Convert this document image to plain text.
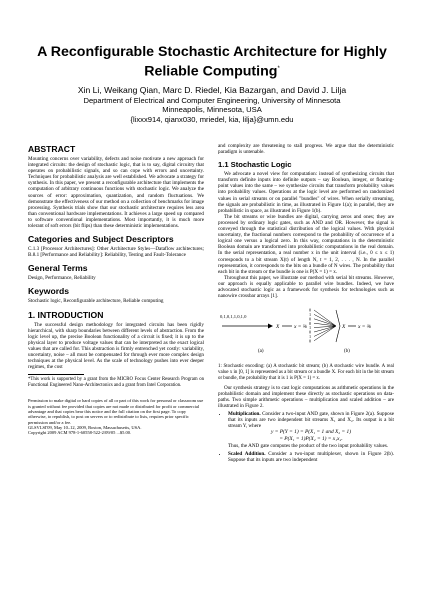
A Reconfigurable Stochastic Architecture for Highly
Reliable Computing*
Xin Li, Weikang Qian, Marc D. Riedel, Kia Bazargan, and David J. Lilja
Department of Electrical and Computer Engineering, University of Minnesota
Minneapolis, Minnesota, USA
{lixxx914, qianx030, mriedel, kia, lilja}@umn.edu
ABSTRACT

Mounting concerns over variability, defects and noise motivate a new approach for integrated circuits: the design of stochastic logic, that is to say, digital circuitry that operates on probabilistic signals, and so can cope with errors and uncertainty. Techniques for probabilistic analysis are well established. We advocate a strategy for synthesis. In this paper, we present a reconfigurable architecture that implements the computation of arbitrary continuous functions with stochastic logic. We analyze the sources of error: approximation, quantization, and random fluctuations. We demonstrate the effectiveness of our method on a collection of benchmarks for image processing. Synthesis trials show that our stochastic architecture requires less area than conventional hardware implementations. It achieves a large speed up compared to software conventional implementations. Most importantly, it is much more tolerant of soft errors (bit flips) than these deterministic implementations.

Categories and Subject Descriptors

C.1.3 [Processor Architectures]: Other Architecture Styles—Dataflow architectures; B.8.1 [Performance and Reliability]: Reliability, Testing and Fault-Tolerance

General Terms

Design, Performance, Reliability

Keywords

Stochastic logic, Reconfigurable architecture, Reliable computing

1. INTRODUCTION

The successful design methodology for integrated circuits has been rigidly hierarchical, with sharp boundaries between different levels of abstraction. From the logic level up, the precise Boolean functionality of a circuit is fixed; it is up to the physical layer to produce voltage values that can be interpreted as the exact logical values that are called for. This abstraction is firmly entrenched yet costly: variability, uncertainty, noise – all must be compensated for through ever more complex design techniques at the physical level. As the scale of technology pushes into ever deeper regimes, the cost

*This work is supported by a grant from the MICRO Focus Center Research Program on Functional Engineered Nano-Architectonics and a grant from Intel Corporation.

Permission to make digital or hard copies of all or part of this work for personal or classroom use is granted without fee provided that copies are not made or distributed for profit or commercial advantage and that copies bear this notice and the full citation on the first page. To copy otherwise, to republish, to post on servers or to redistribute to lists, requires prior specific permission and/or a fee.

GLSVLSI'09, May 10–12, 2009, Boston, Massachusetts, USA.

Copyright 2009 ACM 978-1-60558-522-2/09/05 ...$5.00.

and complexity are threatening to stall progress. We argue that the deterministic paradigm is untenable.

1.1 Stochastic Logic

We advocate a novel view for computation: instead of synthesizing circuits that transform definite inputs into definite outputs – say Boolean, integer, or floating-point values into the same – we synthesize circuits that transform probability values into probability values. Operations at the logic level are performed on randomized values in serial streams or on parallel "bundles" of wires. When serially streaming, the signals are probabilistic in time, as illustrated in Figure 1(a); in parallel, they are probabilistic in space, as illustrated in Figure 1(b).

The bit streams or wire bundles are digital, carrying zeros and ones; they are processed by ordinary logic gates, such as AND and OR. However, the signal is conveyed through the statistical distribution of the logical values. With physical uncertainty, the fractional numbers correspond to the probability of occurrence of a logical one versus a logical zero. In this way, computations in the deterministic Boolean domain are transformed into probabilistic computations in the real domain. In the serial representation, a real number x in the unit interval (i.e., 0 ≤ x ≤ 1) corresponds to a bit stream X(t) of length N, t = 1, 2, . . . , N. In the parallel representation, it corresponds to the bits on a bundle of N wires. The probability that each bit in the stream or the bundle is one is P(X = 1) = x.

Throughout this paper, we illustrate our method with serial bit streams. However, our approach is equally applicable to parallel wire bundles. Indeed, we have advocated stochastic logic as a framework for synthesis for technologies such as nanowire crossbar arrays [1].

0,1,0,1,1,0,1,0
X	x = ⅝
(a)
0
1
0
0
1
0
1
0
X x = ⅜
(b)

1: Stochastic encoding: (a) A stochastic bit stream; (b) A stochastic wire bundle. A real value x in [0, 1] is represented as a bit stream or a bundle X. For each bit in the bit stream or bundle, the probability that it is 1 is P(X = 1) = x.

Our synthesis strategy is to cast logic computations as arithmetic operations in the probabilistic domain and implement these directly as stochastic operations on data-paths. Two simple arithmetic operations – multiplication and scaled addition – are illustrated in Figure 2.

• Multiplication. Consider a two-input AND gate, shown in Figure 2(a). Suppose that its inputs are two independent bit streams X₁ and X₂. Its output is a bit stream Y, where
y = P(Y = 1) = P(X₁ = 1 and X₂ = 1)
= P(X₁ = 1)P(X₂ = 1) = x₁x₂.
Thus, the AND gate computes the product of the two input probability values.
• Scaled Addition. Consider a two-input multiplexer, shown in Figure 2(b). Suppose that its inputs are two independent
